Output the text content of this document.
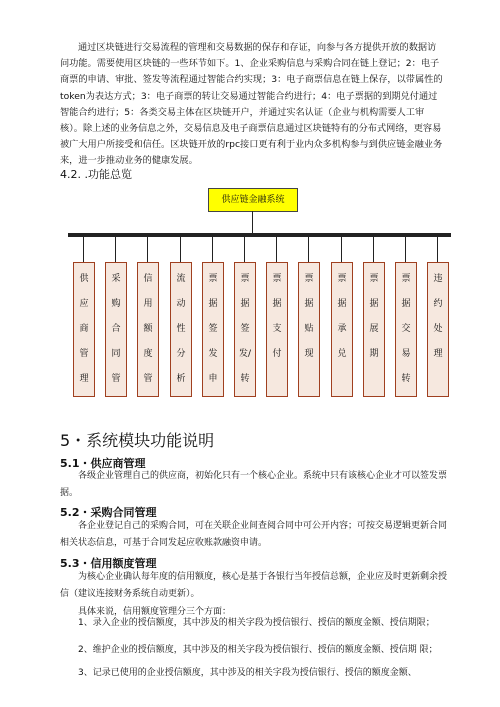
通过区块链进行交易流程的管理和交易数据的保存和存证，向参与各方提供开放的数据访问功能。需要使用区块链的一些环节如下。1、企业采购信息与采购合同在链上登记；2：电子商票的申请、审批、签发等流程通过智能合约实现；3：电子商票信息在链上保存，以带属性的token为表达方式；3：电子商票的转让交易通过智能合约进行；4：电子票据的到期兑付通过智能合约进行；5：各类交易主体在区块链开户，并通过实名认证（企业与机构需要人工审核）。除上述的业务信息之外，交易信息及电子商票信息通过区块链特有的分布式网络，更容易被广大用户所接受和信任。区块链开放的rpc接口更有利于业内众多机构参与到供应链金融业务来，进一步推动业务的健康发展。

4.2. .功能总览

供应链金融系统
供应商管理
采购合同管
信用额度管
流动性分析
票据签发申
票据签发/转
票据支付
票据贴现
票据承兑
票据展期
票据交易转
违约处理

5・系统模块功能说明

5.1・供应商管理

各级企业管理自己的供应商，初始化只有一个核心企业。系统中只有该核心企业才可以签发票据。

5.2・采购合同管理

各企业登记自己的采购合同，可在关联企业间查阅合同中可公开内容；可按交易逻辑更新合同相关状态信息，可基于合同发起应收账款融资申请。

5.3・信用额度管理

为核心企业确认每年度的信用额度，核心是基于各银行当年授信总额，企业应及时更新剩余授信（建议连接财务系统自动更新）。

具体来说，信用额度管理分三个方面：

1、录入企业的授信额度，其中涉及的相关字段为授信银行、授信的额度金额、授信期限；

2、维护企业的授信额度，其中涉及的相关字段为授信银行、授信的额度金额、授信期 限；

3、记录已使用的企业授信额度，其中涉及的相关字段为授信银行、授信的额度金额、
